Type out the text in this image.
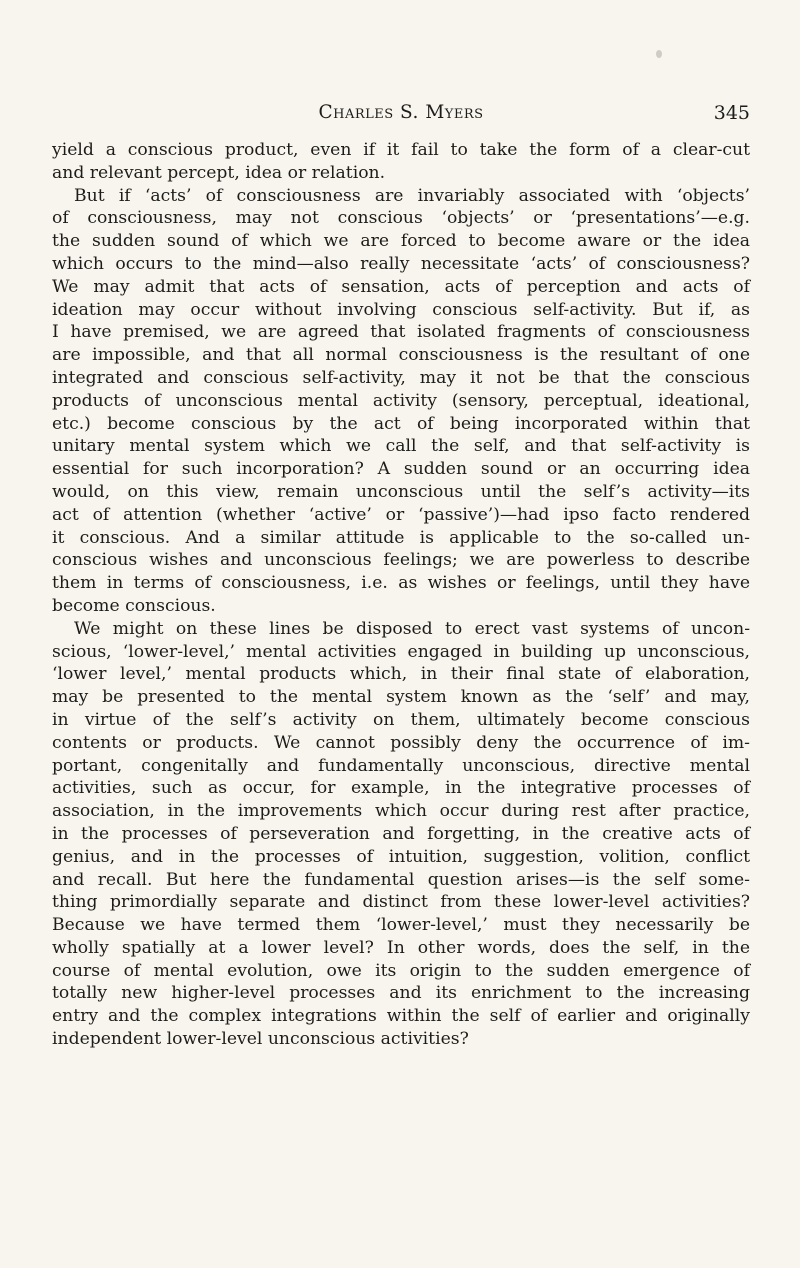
Charles S. Myers	345
yield a conscious product, even if it fail to take the form of a clear-cut
and relevant percept, idea or relation.
But if ‘acts’ of consciousness are invariably associated with ‘objects’
of consciousness, may not conscious ‘objects’ or ‘presentations’—e.g.
the sudden sound of which we are forced to become aware or the idea
which occurs to the mind—also really necessitate ‘acts’ of consciousness?
We may admit that acts of sensation, acts of perception and acts of
ideation may occur without involving conscious self-activity. But if, as
I have premised, we are agreed that isolated fragments of consciousness
are impossible, and that all normal consciousness is the resultant of one
integrated and conscious self-activity, may it not be that the conscious
products of unconscious mental activity (sensory, perceptual, ideational,
etc.) become conscious by the act of being incorporated within that
unitary mental system which we call the self, and that self-activity is
essential for such incorporation? A sudden sound or an occurring idea
would, on this view, remain unconscious until the self’s activity—its
act of attention (whether ‘active’ or ‘passive’)—had ipso facto rendered
it conscious. And a similar attitude is applicable to the so-called un-
conscious wishes and unconscious feelings; we are powerless to describe
them in terms of consciousness, i.e. as wishes or feelings, until they have
become conscious.
We might on these lines be disposed to erect vast systems of uncon-
scious, ‘lower-level,’ mental activities engaged in building up unconscious,
‘lower level,’ mental products which, in their final state of elaboration,
may be presented to the mental system known as the ‘self’ and may,
in virtue of the self’s activity on them, ultimately become conscious
contents or products. We cannot possibly deny the occurrence of im-
portant, congenitally and fundamentally unconscious, directive mental
activities, such as occur, for example, in the integrative processes of
association, in the improvements which occur during rest after practice,
in the processes of perseveration and forgetting, in the creative acts of
genius, and in the processes of intuition, suggestion, volition, conflict
and recall. But here the fundamental question arises—is the self some-
thing primordially separate and distinct from these lower-level activities?
Because we have termed them ‘lower-level,’ must they necessarily be
wholly spatially at a lower level? In other words, does the self, in the
course of mental evolution, owe its origin to the sudden emergence of
totally new higher-level processes and its enrichment to the increasing
entry and the complex integrations within the self of earlier and originally
independent lower-level unconscious activities?
